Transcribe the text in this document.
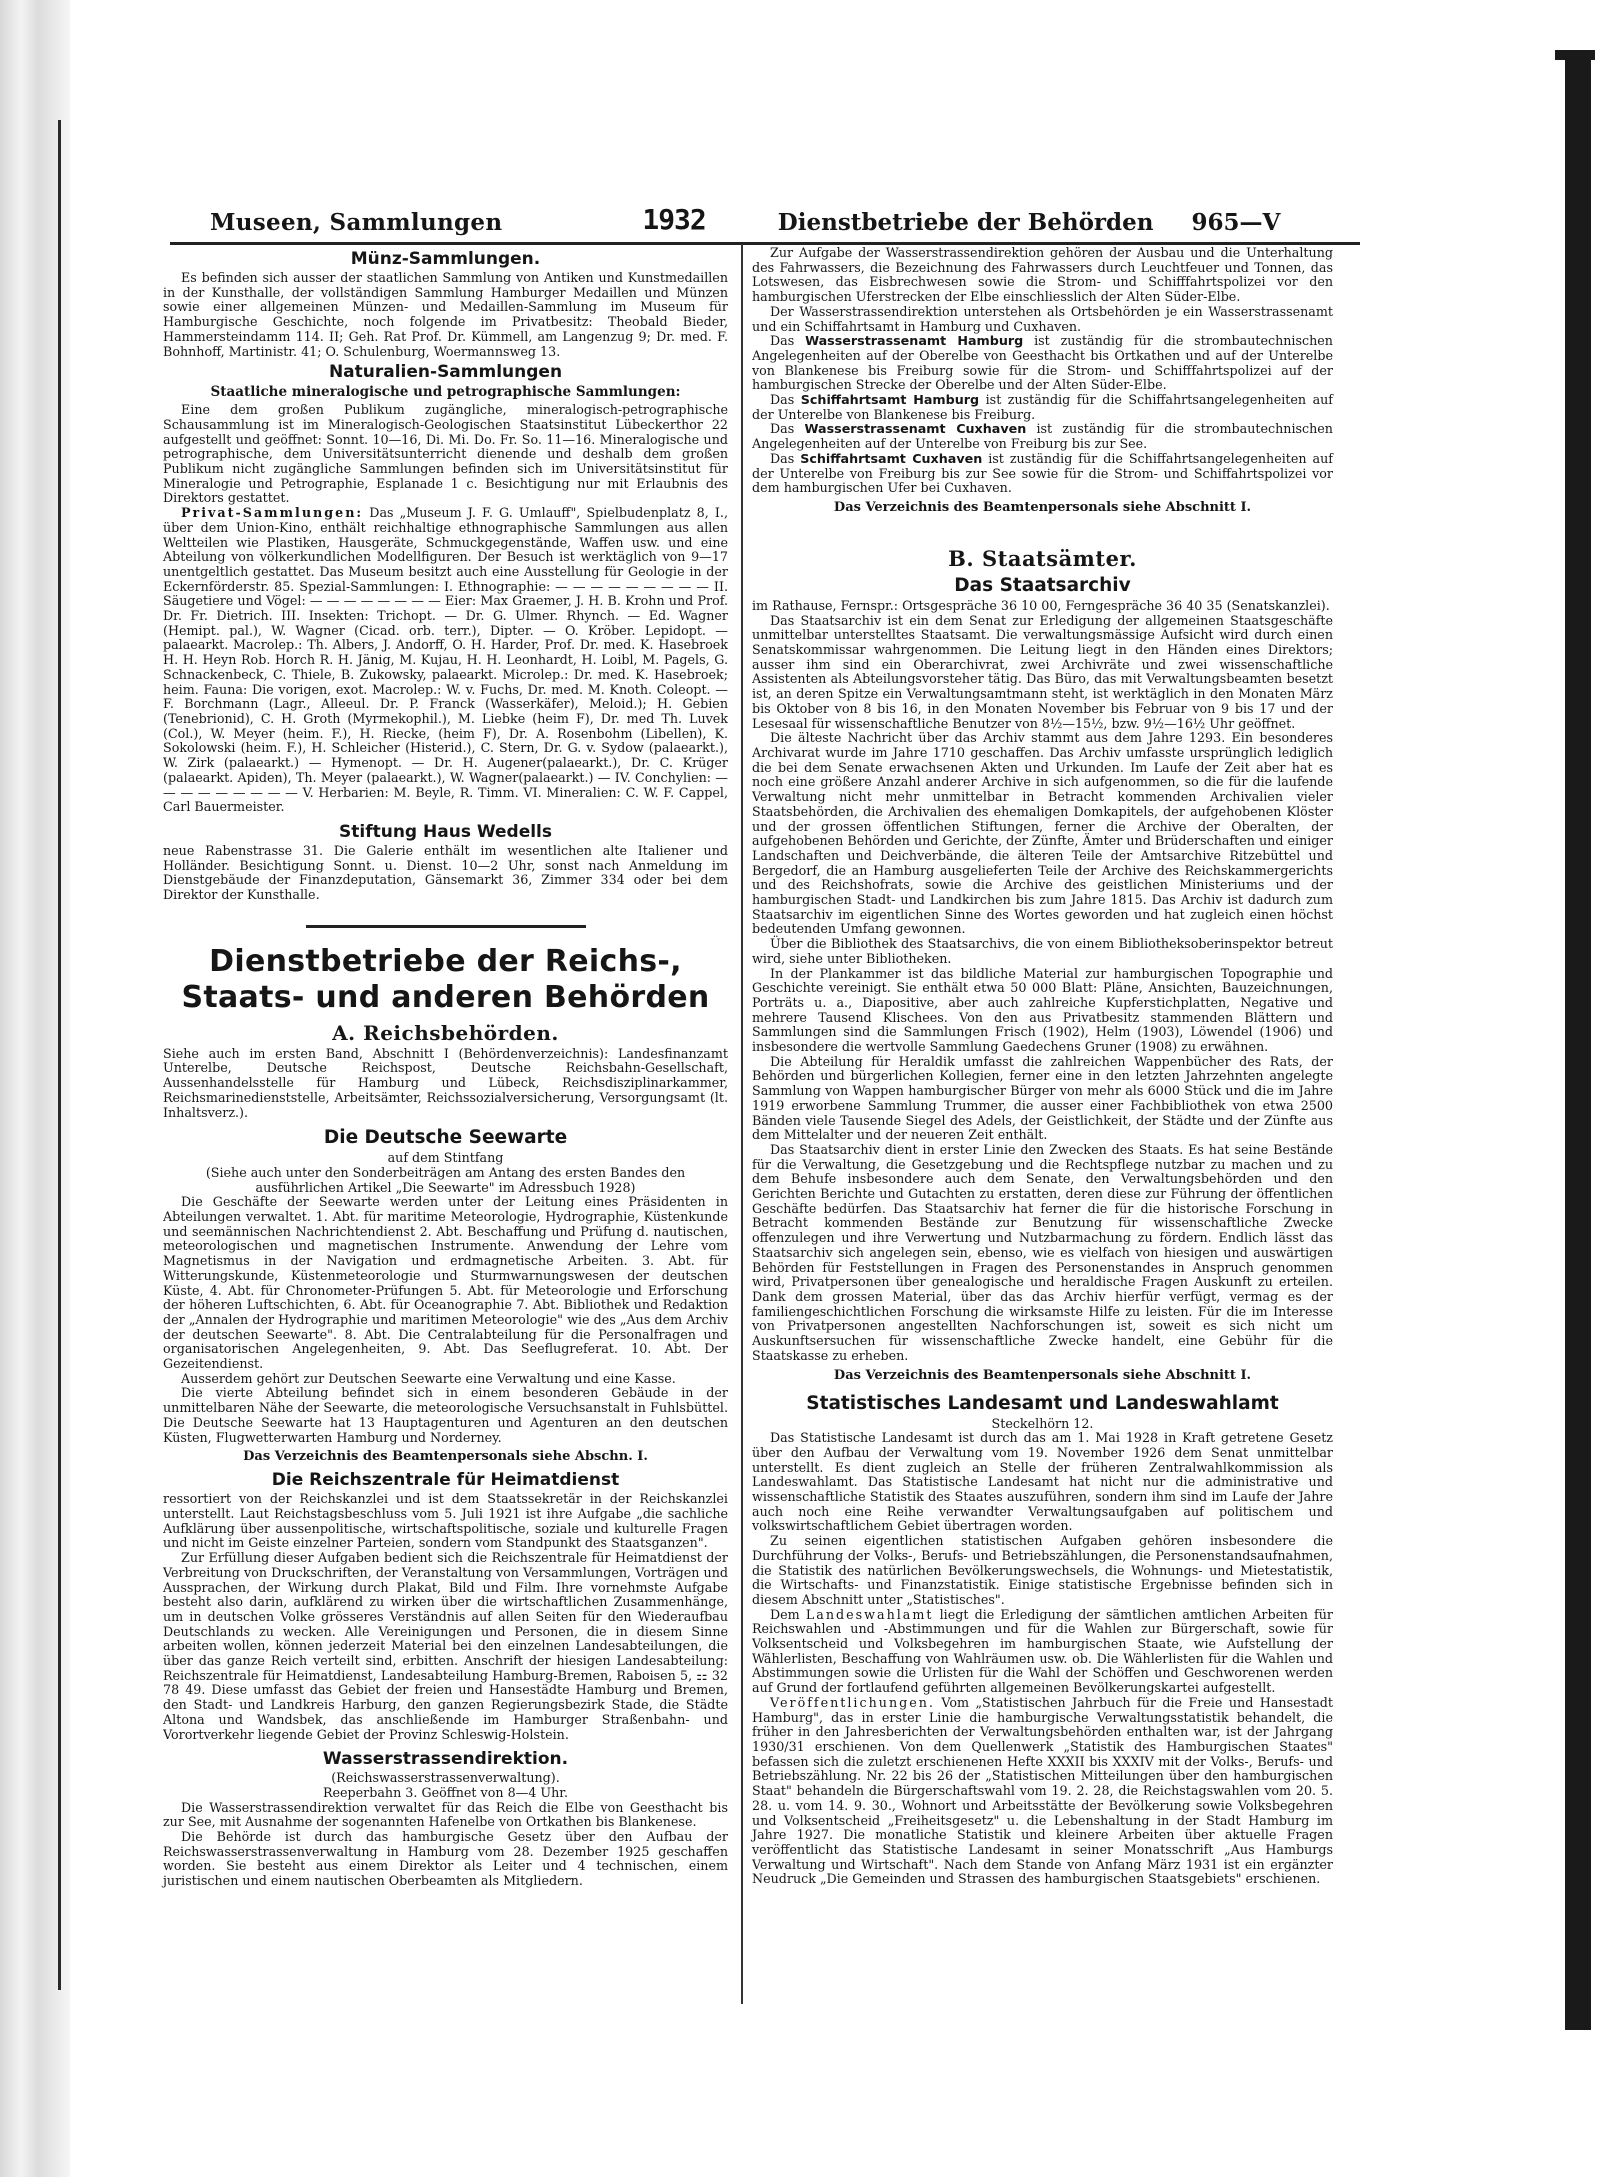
Museen, Sammlungen	1932	Dienstbetriebe der Behörden 965—V
Münz-Sammlungen.

Es befinden sich ausser der staatlichen Sammlung von Antiken und Kunstmedaillen in der Kunsthalle, der vollständigen Sammlung Hamburger Medaillen und Münzen sowie einer allgemeinen Münzen- und Medaillen-Sammlung im Museum für Hamburgische Geschichte, noch folgende im Privatbesitz: Theobald Bieder, Hammersteindamm 114. II; Geh. Rat Prof. Dr. Kümmell, am Langenzug 9; Dr. med. F. Bohnhoff, Martinistr. 41; O. Schulenburg, Woermannsweg 13.

Naturalien-Sammlungen
Staatliche mineralogische und petrographische Sammlungen:

Eine dem großen Publikum zugängliche, mineralogisch-petrographische Schausammlung ist im Mineralogisch-Geologischen Staatsinstitut Lübeckerthor 22 aufgestellt und geöffnet: Sonnt. 10—16, Di. Mi. Do. Fr. So. 11—16. Mineralogische und petrographische, dem Universitätsunterricht dienende und deshalb dem großen Publikum nicht zugängliche Sammlungen befinden sich im Universitätsinstitut für Mineralogie und Petrographie, Esplanade 1 c. Besichtigung nur mit Erlaubnis des Direktors gestattet.

Privat-Sammlungen: Das „Museum J. F. G. Umlauff", Spielbudenplatz 8, I., über dem Union-Kino, enthält reichhaltige ethnographische Sammlungen aus allen Weltteilen wie Plastiken, Hausgeräte, Schmuckgegenstände, Waffen usw. und eine Abteilung von völkerkundlichen Modellfiguren. Der Besuch ist werktäglich von 9—17 unentgeltlich gestattet. Das Museum besitzt auch eine Ausstellung für Geologie in der Eckernförderstr. 85. Spezial-Sammlungen: I. Ethnographie: — — — — — — — — — II. Säugetiere und Vögel: — — — — — — — — Eier: Max Graemer, J. H. B. Krohn und Prof. Dr. Fr. Dietrich. III. Insekten: Trichopt. — Dr. G. Ulmer. Rhynch. — Ed. Wagner (Hemipt. pal.), W. Wagner (Cicad. orb. terr.), Dipter. — O. Kröber. Lepidopt. — palaearkt. Macrolep.: Th. Albers, J. Andorff, O. H. Harder, Prof. Dr. med. K. Hasebroek H. H. Heyn Rob. Horch R. H. Jänig, M. Kujau, H. H. Leonhardt, H. Loibl, M. Pagels, G. Schnackenbeck, C. Thiele, B. Zukowsky, palaearkt. Microlep.: Dr. med. K. Hasebroek; heim. Fauna: Die vorigen, exot. Macrolep.: W. v. Fuchs, Dr. med. M. Knoth. Coleopt. — F. Borchmann (Lagr., Alleeul. Dr. P. Franck (Wasserkäfer), Meloid.); H. Gebien (Tenebrionid), C. H. Groth (Myrmekophil.), M. Liebke (heim F), Dr. med Th. Luvek (Col.), W. Meyer (heim. F.), H. Riecke, (heim F), Dr. A. Rosenbohm (Libellen), K. Sokolowski (heim. F.), H. Schleicher (Histerid.), C. Stern, Dr. G. v. Sydow (palaearkt.), W. Zirk (palaearkt.) — Hymenopt. — Dr. H. Augener(palaearkt.), Dr. C. Krüger (palaearkt. Apiden), Th. Meyer (palaearkt.), W. Wagner(palaearkt.) — IV. Conchylien: — — — — — — — — — V. Herbarien: M. Beyle, R. Timm. VI. Mineralien: C. W. F. Cappel, Carl Bauermeister.

Stiftung Haus Wedells

neue Rabenstrasse 31. Die Galerie enthält im wesentlichen alte Italiener und Holländer. Besichtigung Sonnt. u. Dienst. 10—2 Uhr, sonst nach Anmeldung im Dienstgebäude der Finanzdeputation, Gänsemarkt 36, Zimmer 334 oder bei dem Direktor der Kunsthalle.

Dienstbetriebe der Reichs-,
Staats- und anderen Behörden
A. Reichsbehörden.

Siehe auch im ersten Band, Abschnitt I (Behördenverzeichnis): Landesfinanzamt Unterelbe, Deutsche Reichspost, Deutsche Reichsbahn-Gesellschaft, Aussenhandelsstelle für Hamburg und Lübeck, Reichsdisziplinarkammer, Reichsmarinedienststelle, Arbeitsämter, Reichssozialversicherung, Versorgungsamt (lt. Inhaltsverz.).

Die Deutsche Seewarte

auf dem Stintfang

(Siehe auch unter den Sonderbeiträgen am Antang des ersten Bandes den ausführlichen Artikel „Die Seewarte" im Adressbuch 1928)

Die Geschäfte der Seewarte werden unter der Leitung eines Präsidenten in Abteilungen verwaltet. 1. Abt. für maritime Meteorologie, Hydrographie, Küstenkunde und seemännischen Nachrichtendienst 2. Abt. Beschaffung und Prüfung d. nautischen, meteorologischen und magnetischen Instrumente. Anwendung der Lehre vom Magnetismus in der Navigation und erdmagnetische Arbeiten. 3. Abt. für Witterungskunde, Küstenmeteorologie und Sturmwarnungswesen der deutschen Küste, 4. Abt. für Chronometer-Prüfungen 5. Abt. für Meteorologie und Erforschung der höheren Luftschichten, 6. Abt. für Oceanographie 7. Abt. Bibliothek und Redaktion der „Annalen der Hydrographie und maritimen Meteorologie" wie des „Aus dem Archiv der deutschen Seewarte". 8. Abt. Die Centralabteilung für die Personalfragen und organisatorischen Angelegenheiten, 9. Abt. Das Seeflugreferat. 10. Abt. Der Gezeitendienst.

Ausserdem gehört zur Deutschen Seewarte eine Verwaltung und eine Kasse.

Die vierte Abteilung befindet sich in einem besonderen Gebäude in der unmittelbaren Nähe der Seewarte, die meteorologische Versuchsanstalt in Fuhlsbüttel. Die Deutsche Seewarte hat 13 Hauptagenturen und Agenturen an den deutschen Küsten, Flugwetterwarten Hamburg und Norderney.

Das Verzeichnis des Beamtenpersonals siehe Abschn. I.
Die Reichszentrale für Heimatdienst

ressortiert von der Reichskanzlei und ist dem Staatssekretär in der Reichskanzlei unterstellt. Laut Reichstagsbeschluss vom 5. Juli 1921 ist ihre Aufgabe „die sachliche Aufklärung über aussenpolitische, wirtschaftspolitische, soziale und kulturelle Fragen und nicht im Geiste einzelner Parteien, sondern vom Standpunkt des Staatsganzen".

Zur Erfüllung dieser Aufgaben bedient sich die Reichszentrale für Heimatdienst der Verbreitung von Druckschriften, der Veranstaltung von Versammlungen, Vorträgen und Aussprachen, der Wirkung durch Plakat, Bild und Film. Ihre vornehmste Aufgabe besteht also darin, aufklärend zu wirken über die wirtschaftlichen Zusammenhänge, um in deutschen Volke grösseres Verständnis auf allen Seiten für den Wiederaufbau Deutschlands zu wecken. Alle Vereinigungen und Personen, die in diesem Sinne arbeiten wollen, können jederzeit Material bei den einzelnen Landesabteilungen, die über das ganze Reich verteilt sind, erbitten. Anschrift der hiesigen Landesabteilung: Reichszentrale für Heimatdienst, Landesabteilung Hamburg-Bremen, Raboisen 5, ⚏ 32 78 49. Diese umfasst das Gebiet der freien und Hansestädte Hamburg und Bremen, den Stadt- und Landkreis Harburg, den ganzen Regierungsbezirk Stade, die Städte Altona und Wandsbek, das anschließende im Hamburger Straßenbahn- und Vorortverkehr liegende Gebiet der Provinz Schleswig-Holstein.

Wasserstrassendirektion.

(Reichswasserstrassenverwaltung).

Reeperbahn 3. Geöffnet von 8—4 Uhr.

Die Wasserstrassendirektion verwaltet für das Reich die Elbe von Geesthacht bis zur See, mit Ausnahme der sogenannten Hafenelbe von Ortkathen bis Blankenese.

Die Behörde ist durch das hamburgische Gesetz über den Aufbau der Reichswasserstrassenverwaltung in Hamburg vom 28. Dezember 1925 geschaffen worden. Sie besteht aus einem Direktor als Leiter und 4 technischen, einem juristischen und einem nautischen Oberbeamten als Mitgliedern.

Zur Aufgabe der Wasserstrassendirektion gehören der Ausbau und die Unterhaltung des Fahrwassers, die Bezeichnung des Fahrwassers durch Leuchtfeuer und Tonnen, das Lotswesen, das Eisbrechwesen sowie die Strom- und Schifffahrtspolizei vor den hamburgischen Uferstrecken der Elbe einschliesslich der Alten Süder-Elbe.

Der Wasserstrassendirektion unterstehen als Ortsbehörden je ein Wasserstrassenamt und ein Schiffahrtsamt in Hamburg und Cuxhaven.

Das Wasserstrassenamt Hamburg ist zuständig für die strombautechnischen Angelegenheiten auf der Oberelbe von Geesthacht bis Ortkathen und auf der Unterelbe von Blankenese bis Freiburg sowie für die Strom- und Schifffahrtspolizei auf der hamburgischen Strecke der Oberelbe und der Alten Süder-Elbe.

Das Schiffahrtsamt Hamburg ist zuständig für die Schiffahrtsangelegenheiten auf der Unterelbe von Blankenese bis Freiburg.

Das Wasserstrassenamt Cuxhaven ist zuständig für die strombautechnischen Angelegenheiten auf der Unterelbe von Freiburg bis zur See.

Das Schiffahrtsamt Cuxhaven ist zuständig für die Schiffahrtsangelegenheiten auf der Unterelbe von Freiburg bis zur See sowie für die Strom- und Schiffahrtspolizei vor dem hamburgischen Ufer bei Cuxhaven.

Das Verzeichnis des Beamtenpersonals siehe Abschnitt I.
B. Staatsämter.
Das Staatsarchiv

im Rathause, Fernspr.: Ortsgespräche 36 10 00, Ferngespräche 36 40 35 (Senatskanzlei).

Das Staatsarchiv ist ein dem Senat zur Erledigung der allgemeinen Staatsgeschäfte unmittelbar unterstelltes Staatsamt. Die verwaltungsmässige Aufsicht wird durch einen Senatskommissar wahrgenommen. Die Leitung liegt in den Händen eines Direktors; ausser ihm sind ein Oberarchivrat, zwei Archivräte und zwei wissenschaftliche Assistenten als Abteilungsvorsteher tätig. Das Büro, das mit Verwaltungsbeamten besetzt ist, an deren Spitze ein Verwaltungsamtmann steht, ist werktäglich in den Monaten März bis Oktober von 8 bis 16, in den Monaten November bis Februar von 9 bis 17 und der Lesesaal für wissenschaftliche Benutzer von 8½—15½, bzw. 9½—16½ Uhr geöffnet.

Die älteste Nachricht über das Archiv stammt aus dem Jahre 1293. Ein besonderes Archivarat wurde im Jahre 1710 geschaffen. Das Archiv umfasste ursprünglich lediglich die bei dem Senate erwachsenen Akten und Urkunden. Im Laufe der Zeit aber hat es noch eine größere Anzahl anderer Archive in sich aufgenommen, so die für die laufende Verwaltung nicht mehr unmittelbar in Betracht kommenden Archivalien vieler Staatsbehörden, die Archivalien des ehemaligen Domkapitels, der aufgehobenen Klöster und der grossen öffentlichen Stiftungen, ferner die Archive der Oberalten, der aufgehobenen Behörden und Gerichte, der Zünfte, Ämter und Brüderschaften und einiger Landschaften und Deichverbände, die älteren Teile der Amtsarchive Ritzebüttel und Bergedorf, die an Hamburg ausgelieferten Teile der Archive des Reichskammergerichts und des Reichshofrats, sowie die Archive des geistlichen Ministeriums und der hamburgischen Stadt- und Landkirchen bis zum Jahre 1815. Das Archiv ist dadurch zum Staatsarchiv im eigentlichen Sinne des Wortes geworden und hat zugleich einen höchst bedeutenden Umfang gewonnen.

Über die Bibliothek des Staatsarchivs, die von einem Bibliotheksoberinspektor betreut wird, siehe unter Bibliotheken.

In der Plankammer ist das bildliche Material zur hamburgischen Topographie und Geschichte vereinigt. Sie enthält etwa 50 000 Blatt: Pläne, Ansichten, Bauzeichnungen, Porträts u. a., Diapositive, aber auch zahlreiche Kupferstichplatten, Negative und mehrere Tausend Klischees. Von den aus Privatbesitz stammenden Blättern und Sammlungen sind die Sammlungen Frisch (1902), Helm (1903), Löwendel (1906) und insbesondere die wertvolle Sammlung Gaedechens Gruner (1908) zu erwähnen.

Die Abteilung für Heraldik umfasst die zahlreichen Wappenbücher des Rats, der Behörden und bürgerlichen Kollegien, ferner eine in den letzten Jahrzehnten angelegte Sammlung von Wappen hamburgischer Bürger von mehr als 6000 Stück und die im Jahre 1919 erworbene Sammlung Trummer, die ausser einer Fachbibliothek von etwa 2500 Bänden viele Tausende Siegel des Adels, der Geistlichkeit, der Städte und der Zünfte aus dem Mittelalter und der neueren Zeit enthält.

Das Staatsarchiv dient in erster Linie den Zwecken des Staats. Es hat seine Bestände für die Verwaltung, die Gesetzgebung und die Rechtspflege nutzbar zu machen und zu dem Behufe insbesondere auch dem Senate, den Verwaltungsbehörden und den Gerichten Berichte und Gutachten zu erstatten, deren diese zur Führung der öffentlichen Geschäfte bedürfen. Das Staatsarchiv hat ferner die für die historische Forschung in Betracht kommenden Bestände zur Benutzung für wissenschaftliche Zwecke offenzulegen und ihre Verwertung und Nutzbarmachung zu fördern. Endlich lässt das Staatsarchiv sich angelegen sein, ebenso, wie es vielfach von hiesigen und auswärtigen Behörden für Feststellungen in Fragen des Personenstandes in Anspruch genommen wird, Privatpersonen über genealogische und heraldische Fragen Auskunft zu erteilen. Dank dem grossen Material, über das das Archiv hierfür verfügt, vermag es der familiengeschichtlichen Forschung die wirksamste Hilfe zu leisten. Für die im Interesse von Privatpersonen angestellten Nachforschungen ist, soweit es sich nicht um Auskunftsersuchen für wissenschaftliche Zwecke handelt, eine Gebühr für die Staatskasse zu erheben.

Das Verzeichnis des Beamtenpersonals siehe Abschnitt I.
Statistisches Landesamt und Landeswahlamt

Steckelhörn 12.

Das Statistische Landesamt ist durch das am 1. Mai 1928 in Kraft getretene Gesetz über den Aufbau der Verwaltung vom 19. November 1926 dem Senat unmittelbar unterstellt. Es dient zugleich an Stelle der früheren Zentralwahlkommission als Landeswahlamt. Das Statistische Landesamt hat nicht nur die administrative und wissenschaftliche Statistik des Staates auszuführen, sondern ihm sind im Laufe der Jahre auch noch eine Reihe verwandter Verwaltungsaufgaben auf politischem und volkswirtschaftlichem Gebiet übertragen worden.

Zu seinen eigentlichen statistischen Aufgaben gehören insbesondere die Durchführung der Volks-, Berufs- und Betriebszählungen, die Personenstandsaufnahmen, die Statistik des natürlichen Bevölkerungswechsels, die Wohnungs- und Mietestatistik, die Wirtschafts- und Finanzstatistik. Einige statistische Ergebnisse befinden sich in diesem Abschnitt unter „Statistisches".

Dem Landeswahlamt liegt die Erledigung der sämtlichen amtlichen Arbeiten für Reichswahlen und -Abstimmungen und für die Wahlen zur Bürgerschaft, sowie für Volksentscheid und Volksbegehren im hamburgischen Staate, wie Aufstellung der Wählerlisten, Beschaffung von Wahlräumen usw. ob. Die Wählerlisten für die Wahlen und Abstimmungen sowie die Urlisten für die Wahl der Schöffen und Geschworenen werden auf Grund der fortlaufend geführten allgemeinen Bevölkerungskartei aufgestellt.

Veröffentlichungen. Vom „Statistischen Jahrbuch für die Freie und Hansestadt Hamburg", das in erster Linie die hamburgische Verwaltungsstatistik behandelt, die früher in den Jahresberichten der Verwaltungsbehörden enthalten war, ist der Jahrgang 1930/31 erschienen. Von dem Quellenwerk „Statistik des Hamburgischen Staates" befassen sich die zuletzt erschienenen Hefte XXXII bis XXXIV mit der Volks-, Berufs- und Betriebszählung. Nr. 22 bis 26 der „Statistischen Mitteilungen über den hamburgischen Staat" behandeln die Bürgerschaftswahl vom 19. 2. 28, die Reichstagswahlen vom 20. 5. 28. u. vom 14. 9. 30., Wohnort und Arbeitsstätte der Bevölkerung sowie Volksbegehren und Volksentscheid „Freiheitsgesetz" u. die Lebenshaltung in der Stadt Hamburg im Jahre 1927. Die monatliche Statistik und kleinere Arbeiten über aktuelle Fragen veröffentlicht das Statistische Landesamt in seiner Monatsschrift „Aus Hamburgs Verwaltung und Wirtschaft". Nach dem Stande von Anfang März 1931 ist ein ergänzter Neudruck „Die Gemeinden und Strassen des hamburgischen Staatsgebiets" erschienen.
